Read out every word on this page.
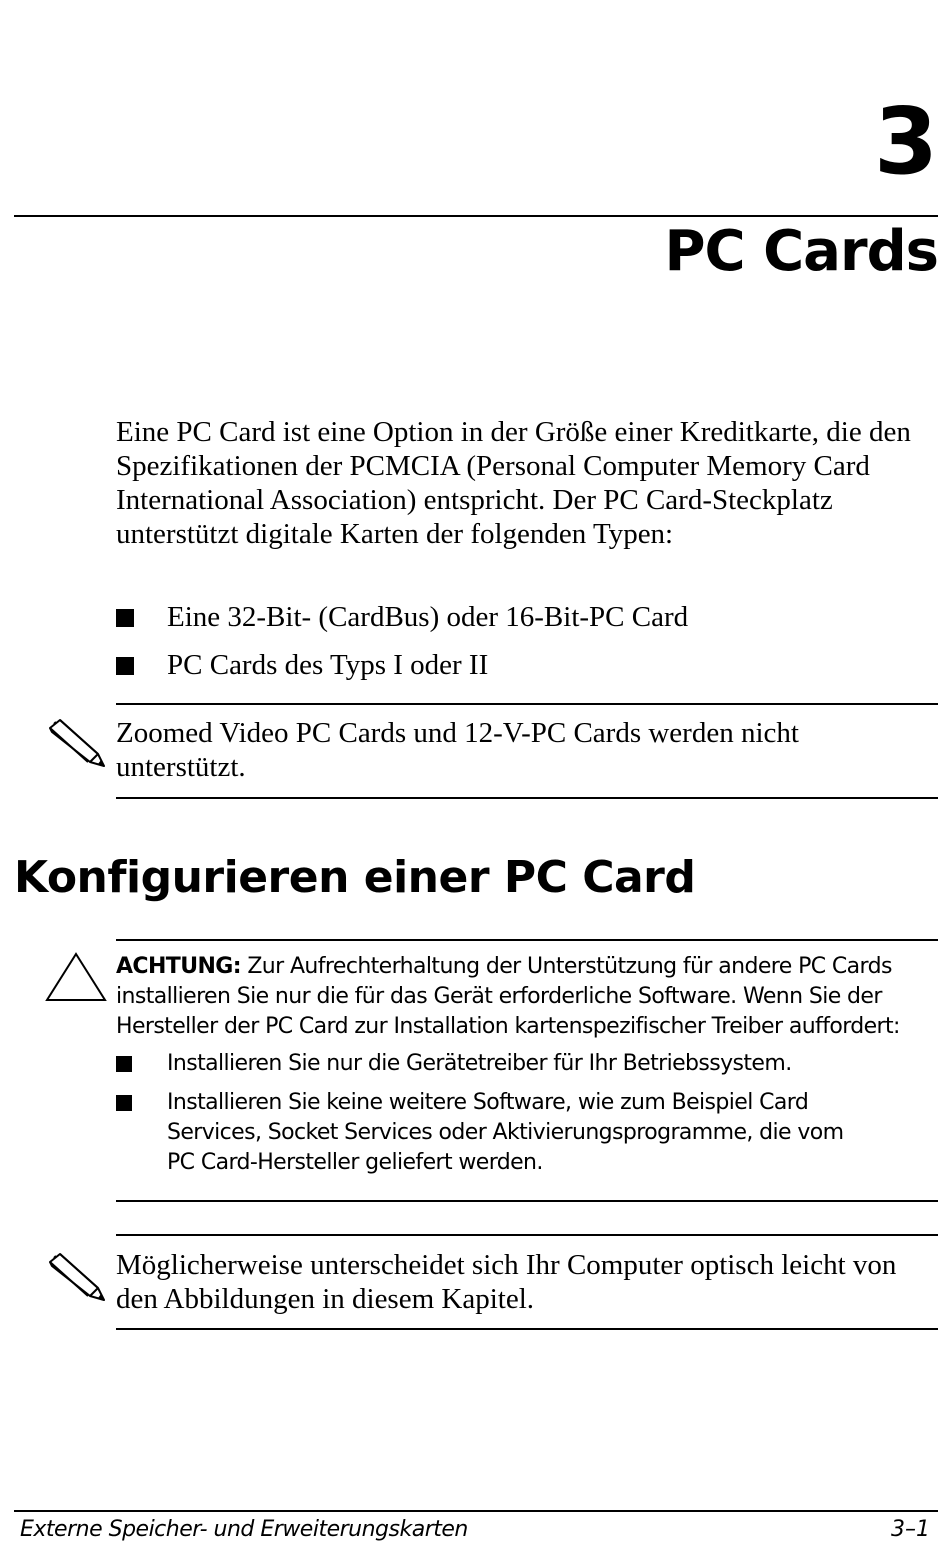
3
PC Cards
Eine PC Card ist eine Option in der Größe einer Kreditkarte, die den Spezifikationen der PCMCIA (Personal Computer Memory Card International Association) entspricht. Der PC Card-Steckplatz unterstützt digitale Karten der folgenden Typen:
Eine 32-Bit- (CardBus) oder 16-Bit-PC Card
PC Cards des Typs I oder II
Zoomed Video PC Cards und 12-V-PC Cards werden nicht unterstützt.
Konfigurieren einer PC Card
ACHTUNG: Zur Aufrechterhaltung der Unterstützung für andere PC Cards installieren Sie nur die für das Gerät erforderliche Software. Wenn Sie der Hersteller der PC Card zur Installation kartenspezifischer Treiber auffordert:
Installieren Sie nur die Gerätetreiber für Ihr Betriebssystem.
Installieren Sie keine weitere Software, wie zum Beispiel Card Services, Socket Services oder Aktivierungsprogramme, die vom PC Card-Hersteller geliefert werden.
Möglicherweise unterscheidet sich Ihr Computer optisch leicht von den Abbildungen in diesem Kapitel.
Externe Speicher- und Erweiterungskarten	3–1
